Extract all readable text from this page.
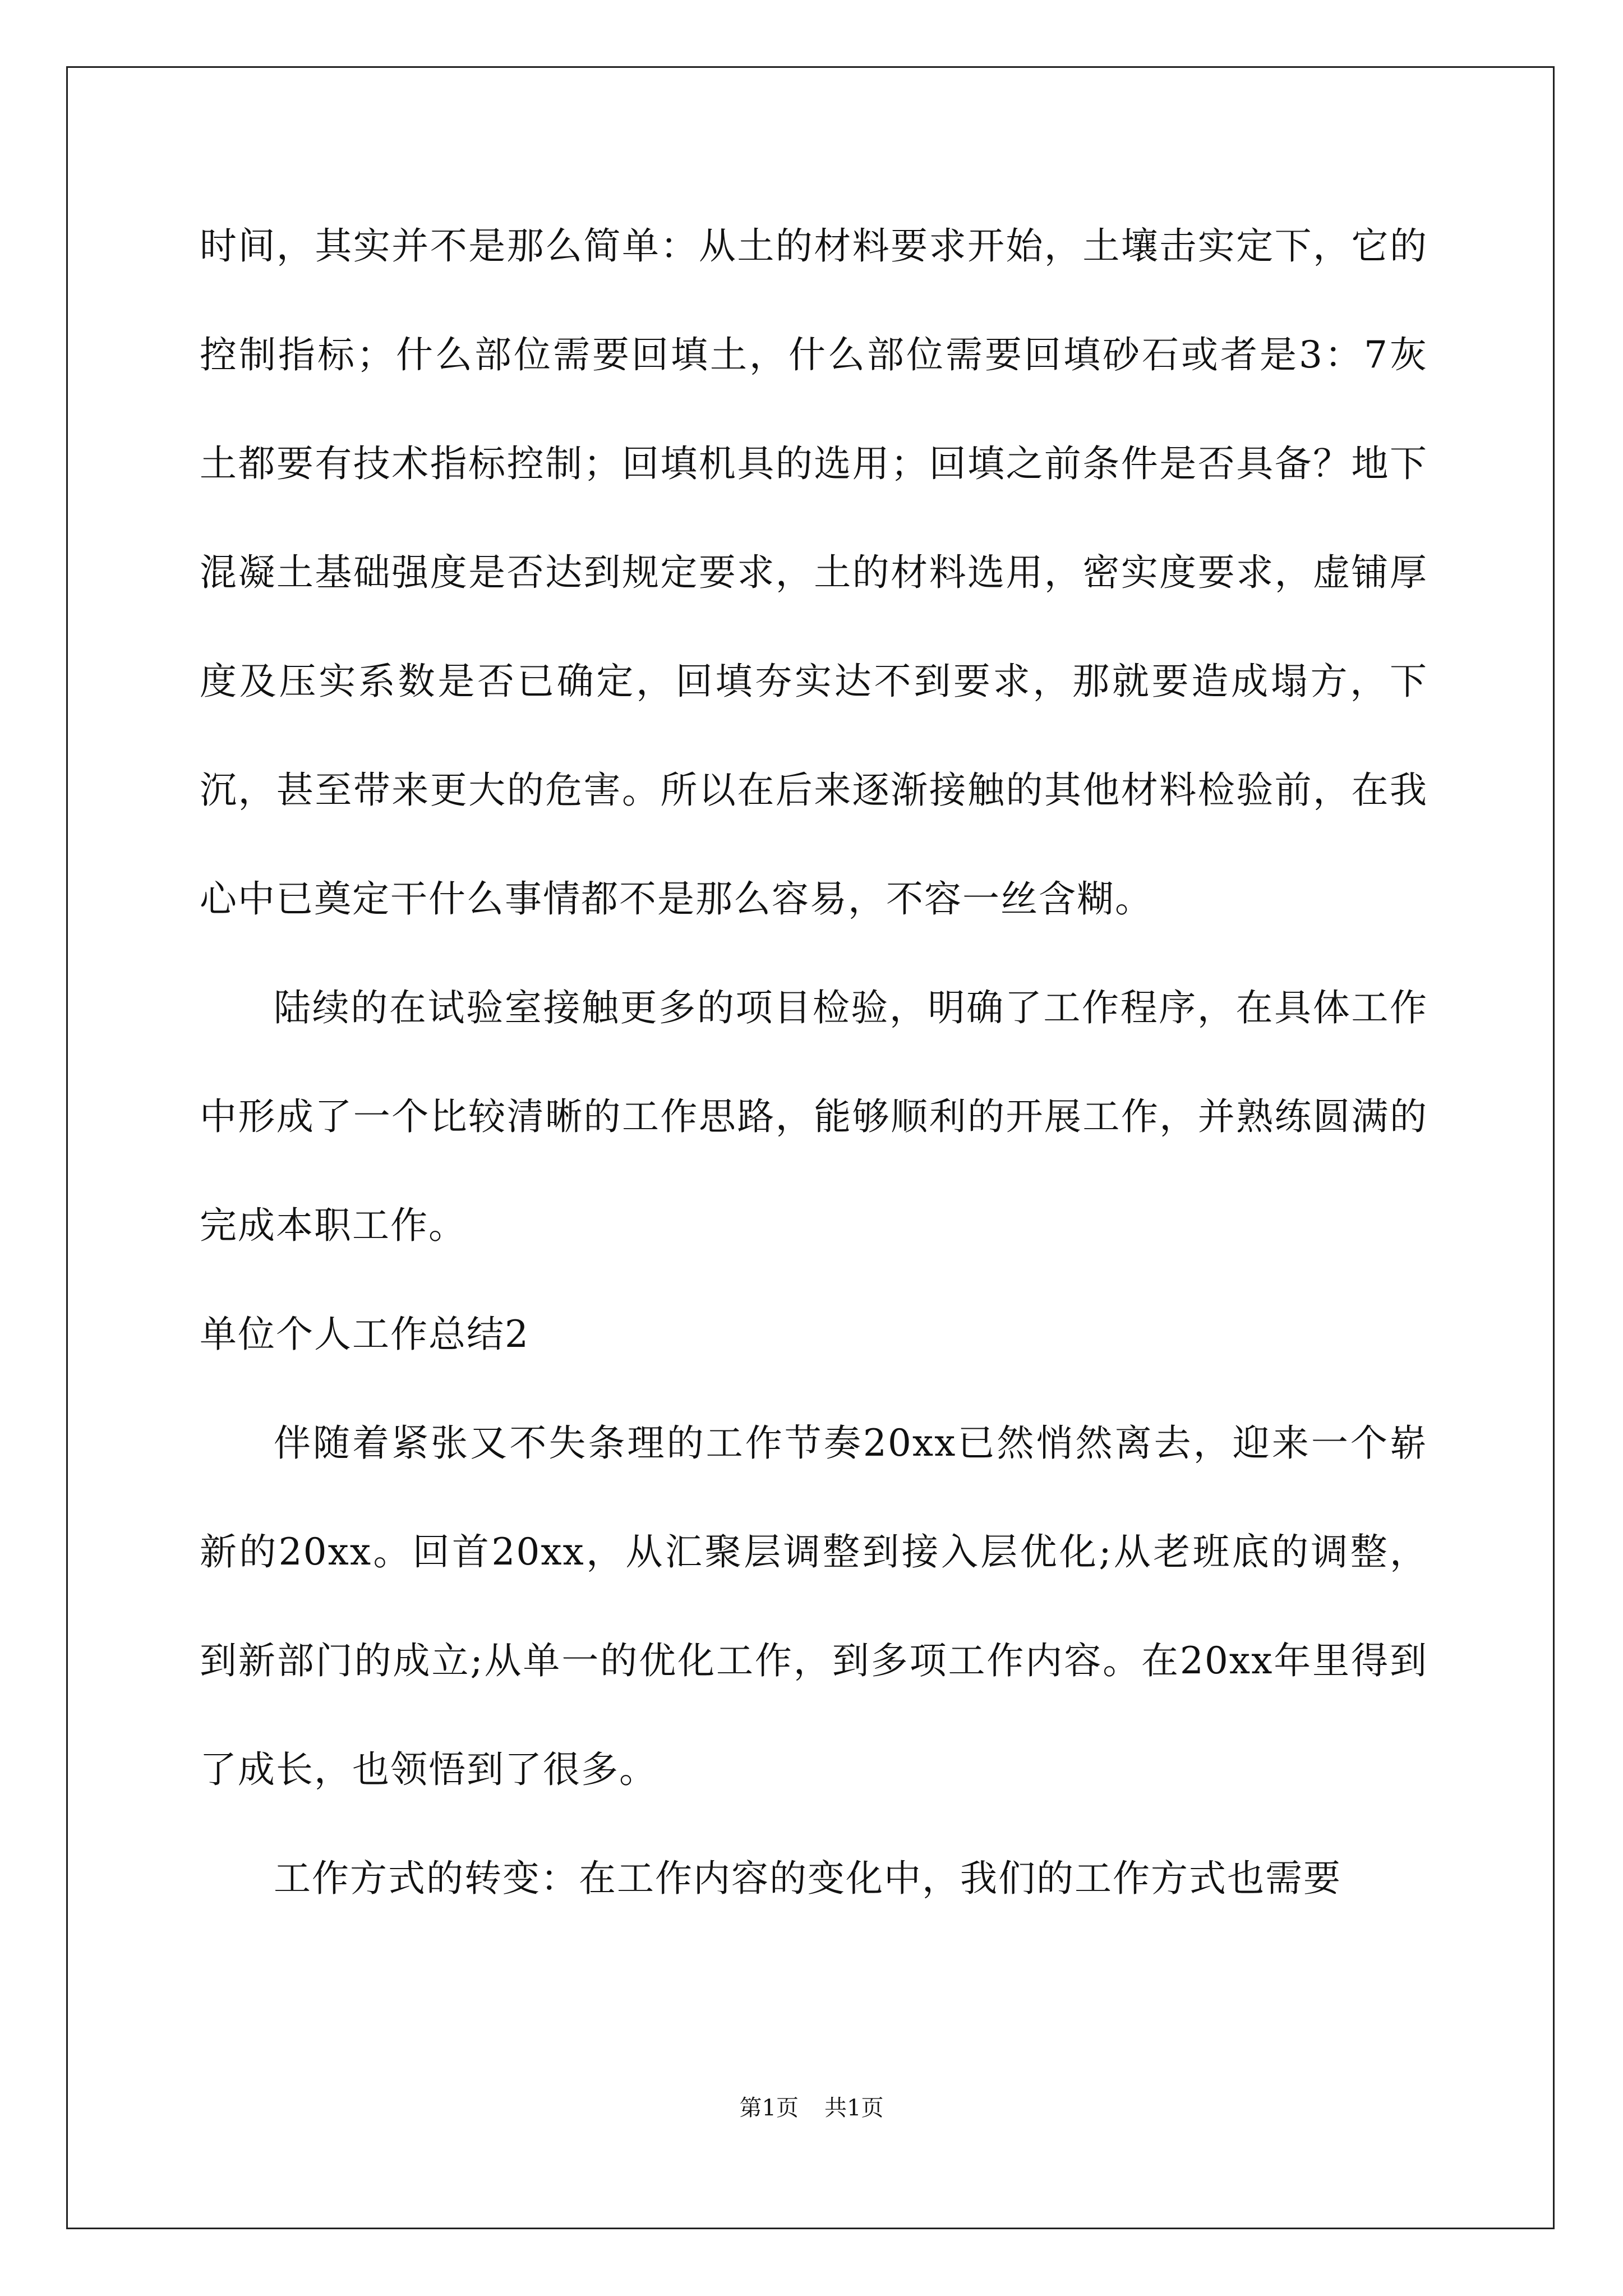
时间，其实并不是那么简单：从土的材料要求开始，土壤击实定下，它的控制指标；什么部位需要回填土，什么部位需要回填砂石或者是3：7灰土都要有技术指标控制；回填机具的选用；回填之前条件是否具备？地下混凝土基础强度是否达到规定要求，土的材料选用，密实度要求，虚铺厚度及压实系数是否已确定，回填夯实达不到要求，那就要造成塌方，下沉，甚至带来更大的危害。所以在后来逐渐接触的其他材料检验前，在我心中已奠定干什么事情都不是那么容易，不容一丝含糊。

陆续的在试验室接触更多的项目检验，明确了工作程序，在具体工作中形成了一个比较清晰的工作思路，能够顺利的开展工作，并熟练圆满的完成本职工作。

单位个人工作总结2

伴随着紧张又不失条理的工作节奏20xx已然悄然离去，迎来一个崭新的20xx。回首20xx，从汇聚层调整到接入层优化;从老班底的调整，到新部门的成立;从单一的优化工作，到多项工作内容。在20xx年里得到了成长，也领悟到了很多。

工作方式的转变：在工作内容的变化中，我们的工作方式也需要

第1页 共1页
